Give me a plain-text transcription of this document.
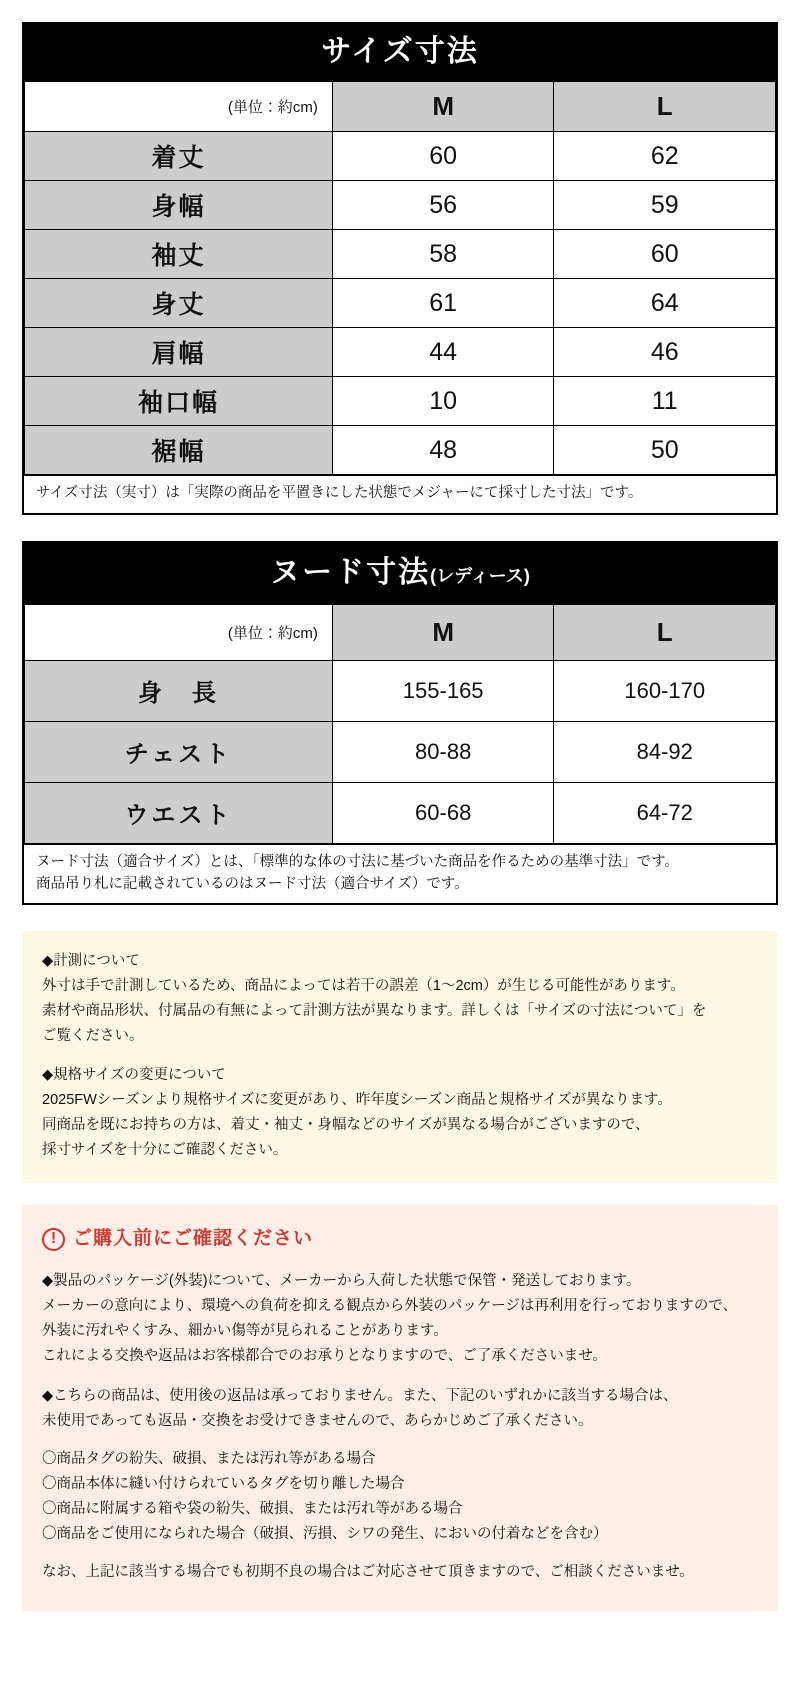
サイズ寸法
(単位：約cm)	M	L
着丈	60	62
身幅	56	59
袖丈	58	60
身丈	61	64
肩幅	44	46
袖口幅	10	11
裾幅	48	50
サイズ寸法（実寸）は「実際の商品を平置きにした状態でメジャーにて採寸した寸法」です。
ヌード寸法(レディース)
(単位：約cm)	M	L
身　長	155-165	160-170
チェスト	80-88	84-92
ウエスト	60-68	64-72
ヌード寸法（適合サイズ）とは、「標準的な体の寸法に基づいた商品を作るための基準寸法」です。
商品吊り札に記載されているのはヌード寸法（適合サイズ）です。

◆計測について

外寸は手で計測しているため、商品によっては若干の誤差（1〜2cm）が生じる可能性があります。

素材や商品形状、付属品の有無によって計測方法が異なります。詳しくは「サイズの寸法について」を

ご覧ください。

◆規格サイズの変更について

2025FWシーズンより規格サイズに変更があり、昨年度シーズン商品と規格サイズが異なります。

同商品を既にお持ちの方は、着丈・袖丈・身幅などのサイズが異なる場合がございますので、

採寸サイズを十分にご確認ください。

! ご購入前にご確認ください

◆製品のパッケージ(外装)について、メーカーから入荷した状態で保管・発送しております。

メーカーの意向により、環境への負荷を抑える観点から外装のパッケージは再利用を行っておりますので、

外装に汚れやくすみ、細かい傷等が見られることがあります。

これによる交換や返品はお客様都合でのお承りとなりますので、ご了承くださいませ。

◆こちらの商品は、使用後の返品は承っておりません。また、下記のいずれかに該当する場合は、

未使用であっても返品・交換をお受けできませんので、あらかじめご了承ください。

〇商品タグの紛失、破損、または汚れ等がある場合

〇商品本体に縫い付けられているタグを切り離した場合

〇商品に附属する箱や袋の紛失、破損、または汚れ等がある場合

〇商品をご使用になられた場合（破損、汚損、シワの発生、においの付着などを含む）

なお、上記に該当する場合でも初期不良の場合はご対応させて頂きますので、ご相談くださいませ。
